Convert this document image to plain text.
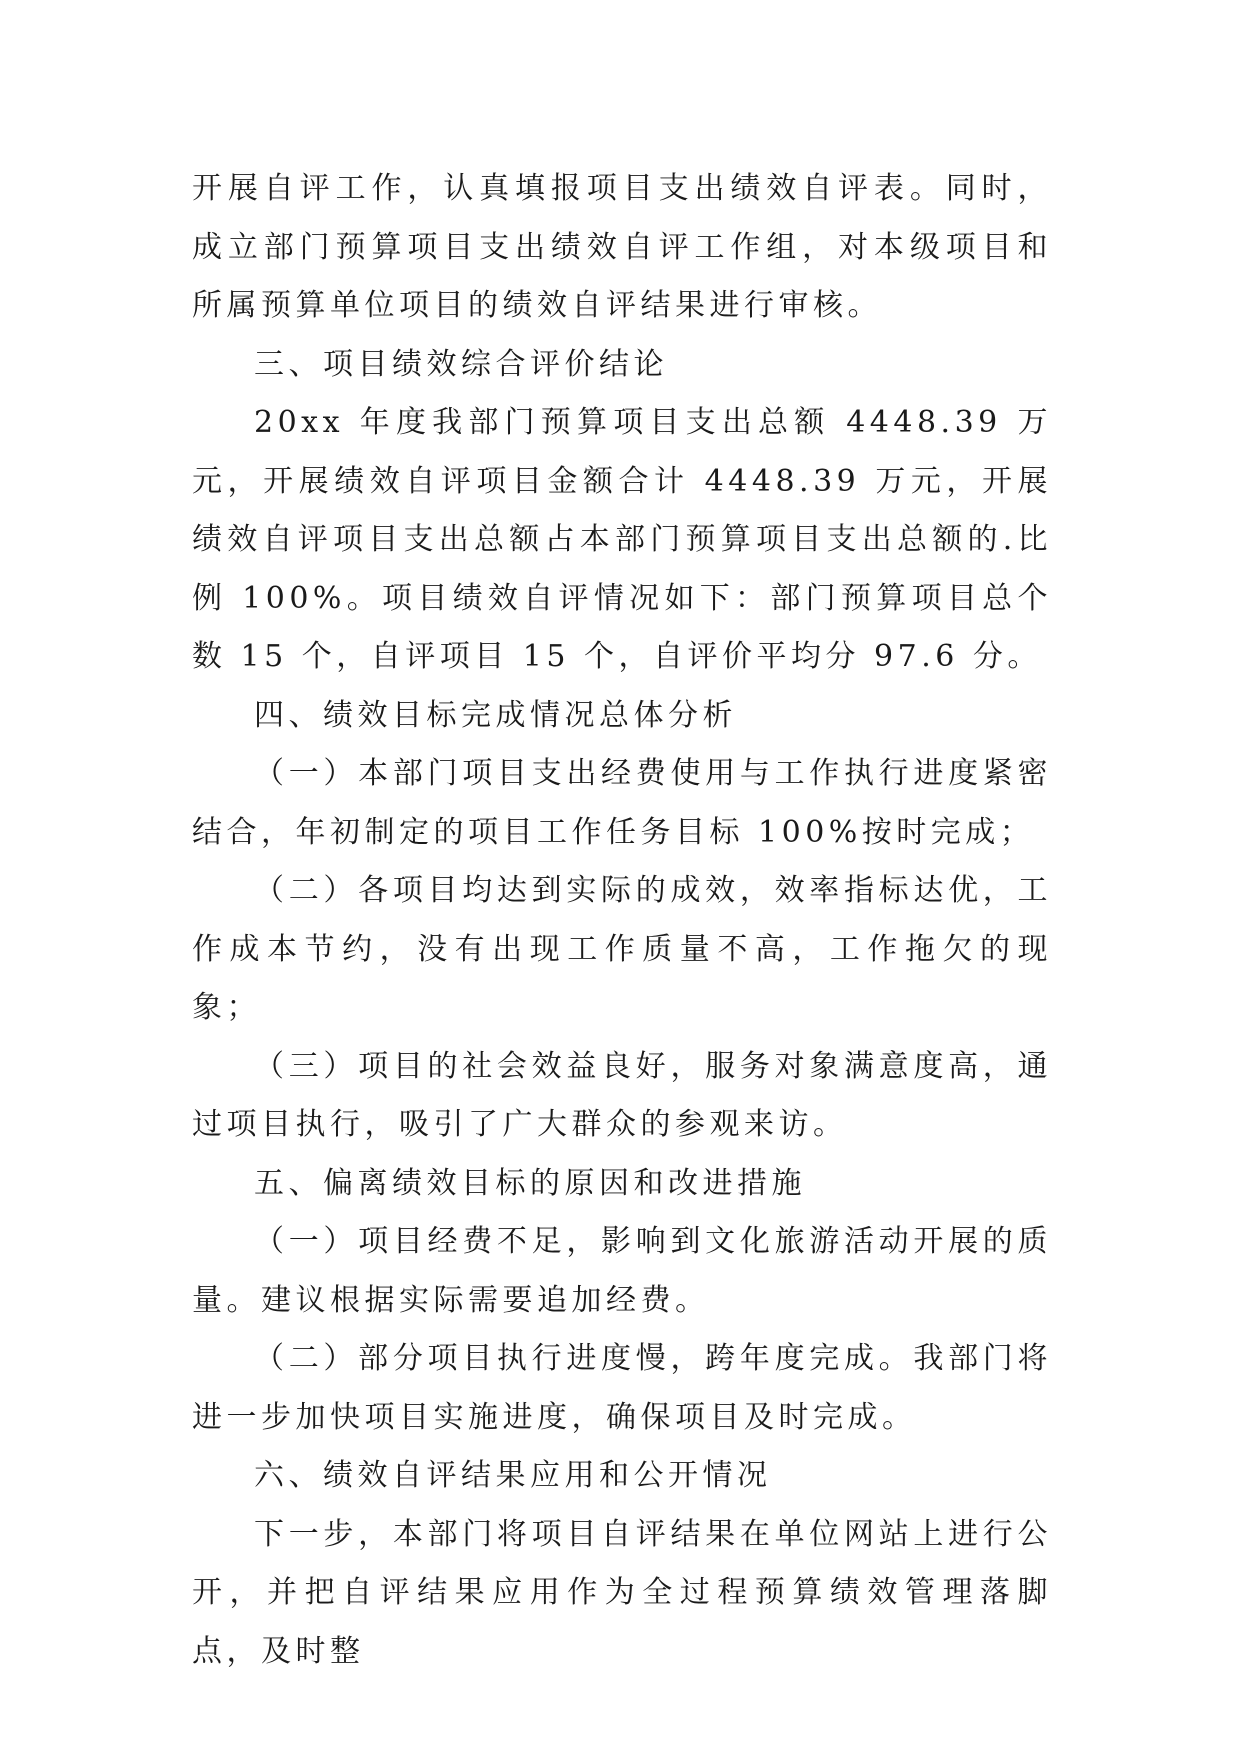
开展自评工作，认真填报项目支出绩效自评表。同时，成立部门预算项目支出绩效自评工作组，对本级项目和所属预算单位项目的绩效自评结果进行审核。

三、项目绩效综合评价结论

20xx 年度我部门预算项目支出总额 4448.39 万元，开展绩效自评项目金额合计 4448.39 万元，开展绩效自评项目支出总额占本部门预算项目支出总额的.比例 100%。项目绩效自评情况如下：部门预算项目总个数 15 个，自评项目 15 个，自评价平均分 97.6 分。

四、绩效目标完成情况总体分析

（一）本部门项目支出经费使用与工作执行进度紧密结合，年初制定的项目工作任务目标 100%按时完成；

（二）各项目均达到实际的成效，效率指标达优，工作成本节约，没有出现工作质量不高，工作拖欠的现象；

（三）项目的社会效益良好，服务对象满意度高，通过项目执行，吸引了广大群众的参观来访。

五、偏离绩效目标的原因和改进措施

（一）项目经费不足，影响到文化旅游活动开展的质量。建议根据实际需要追加经费。

（二）部分项目执行进度慢，跨年度完成。我部门将进一步加快项目实施进度，确保项目及时完成。

六、绩效自评结果应用和公开情况

下一步，本部门将项目自评结果在单位网站上进行公开，并把自评结果应用作为全过程预算绩效管理落脚点，及时整
